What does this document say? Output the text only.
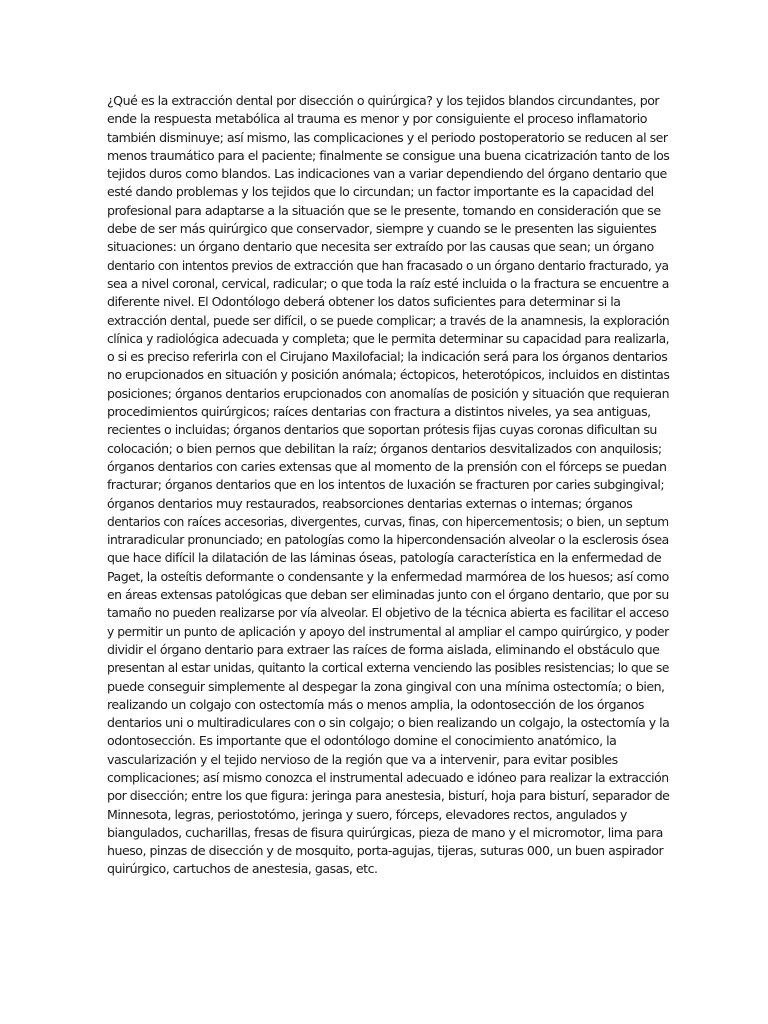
¿Qué es la extracción dental por disección o quirúrgica? y los tejidos blandos circundantes, por
ende la respuesta metabólica al trauma es menor y por consiguiente el proceso inflamatorio
también disminuye; así mismo, las complicaciones y el periodo postoperatorio se reducen al ser
menos traumático para el paciente; finalmente se consigue una buena cicatrización tanto de los
tejidos duros como blandos. Las indicaciones van a variar dependiendo del órgano dentario que
esté dando problemas y los tejidos que lo circundan; un factor importante es la capacidad del
profesional para adaptarse a la situación que se le presente, tomando en consideración que se
debe de ser más quirúrgico que conservador, siempre y cuando se le presenten las siguientes
situaciones: un órgano dentario que necesita ser extraído por las causas que sean; un órgano
dentario con intentos previos de extracción que han fracasado o un órgano dentario fracturado, ya
sea a nivel coronal, cervical, radicular; o que toda la raíz esté incluida o la fractura se encuentre a
diferente nivel. El Odontólogo deberá obtener los datos suficientes para determinar si la
extracción dental, puede ser difícil, o se puede complicar; a través de la anamnesis, la exploración
clínica y radiológica adecuada y completa; que le permita determinar su capacidad para realizarla,
o si es preciso referirla con el Cirujano Maxilofacial; la indicación será para los órganos dentarios
no erupcionados en situación y posición anómala; éctopicos, heterotópicos, incluidos en distintas
posiciones; órganos dentarios erupcionados con anomalías de posición y situación que requieran
procedimientos quirúrgicos; raíces dentarias con fractura a distintos niveles, ya sea antiguas,
recientes o incluidas; órganos dentarios que soportan prótesis fijas cuyas coronas dificultan su
colocación; o bien pernos que debilitan la raíz; órganos dentarios desvitalizados con anquilosis;
órganos dentarios con caries extensas que al momento de la prensión con el fórceps se puedan
fracturar; órganos dentarios que en los intentos de luxación se fracturen por caries subgingival;
órganos dentarios muy restaurados, reabsorciones dentarias externas o internas; órganos
dentarios con raíces accesorias, divergentes, curvas, finas, con hipercementosis; o bien, un septum
intraradicular pronunciado; en patologías como la hipercondensación alveolar o la esclerosis ósea
que hace difícil la dilatación de las láminas óseas, patología característica en la enfermedad de
Paget, la osteítis deformante o condensante y la enfermedad marmórea de los huesos; así como
en áreas extensas patológicas que deban ser eliminadas junto con el órgano dentario, que por su
tamaño no pueden realizarse por vía alveolar. El objetivo de la técnica abierta es facilitar el acceso
y permitir un punto de aplicación y apoyo del instrumental al ampliar el campo quirúrgico, y poder
dividir el órgano dentario para extraer las raíces de forma aislada, eliminando el obstáculo que
presentan al estar unidas, quitanto la cortical externa venciendo las posibles resistencias; lo que se
puede conseguir simplemente al despegar la zona gingival con una mínima ostectomía; o bien,
realizando un colgajo con ostectomía más o menos amplia, la odontosección de los órganos
dentarios uni o multiradiculares con o sin colgajo; o bien realizando un colgajo, la ostectomía y la
odontosección. Es importante que el odontólogo domine el conocimiento anatómico, la
vascularización y el tejido nervioso de la región que va a intervenir, para evitar posibles
complicaciones; así mismo conozca el instrumental adecuado e idóneo para realizar la extracción
por disección; entre los que figura: jeringa para anestesia, bisturí, hoja para bisturí, separador de
Minnesota, legras, periostotómo, jeringa y suero, fórceps, elevadores rectos, angulados y
biangulados, cucharillas, fresas de fisura quirúrgicas, pieza de mano y el micromotor, lima para
hueso, pinzas de disección y de mosquito, porta-agujas, tijeras, suturas 000, un buen aspirador
quirúrgico, cartuchos de anestesia, gasas, etc.
